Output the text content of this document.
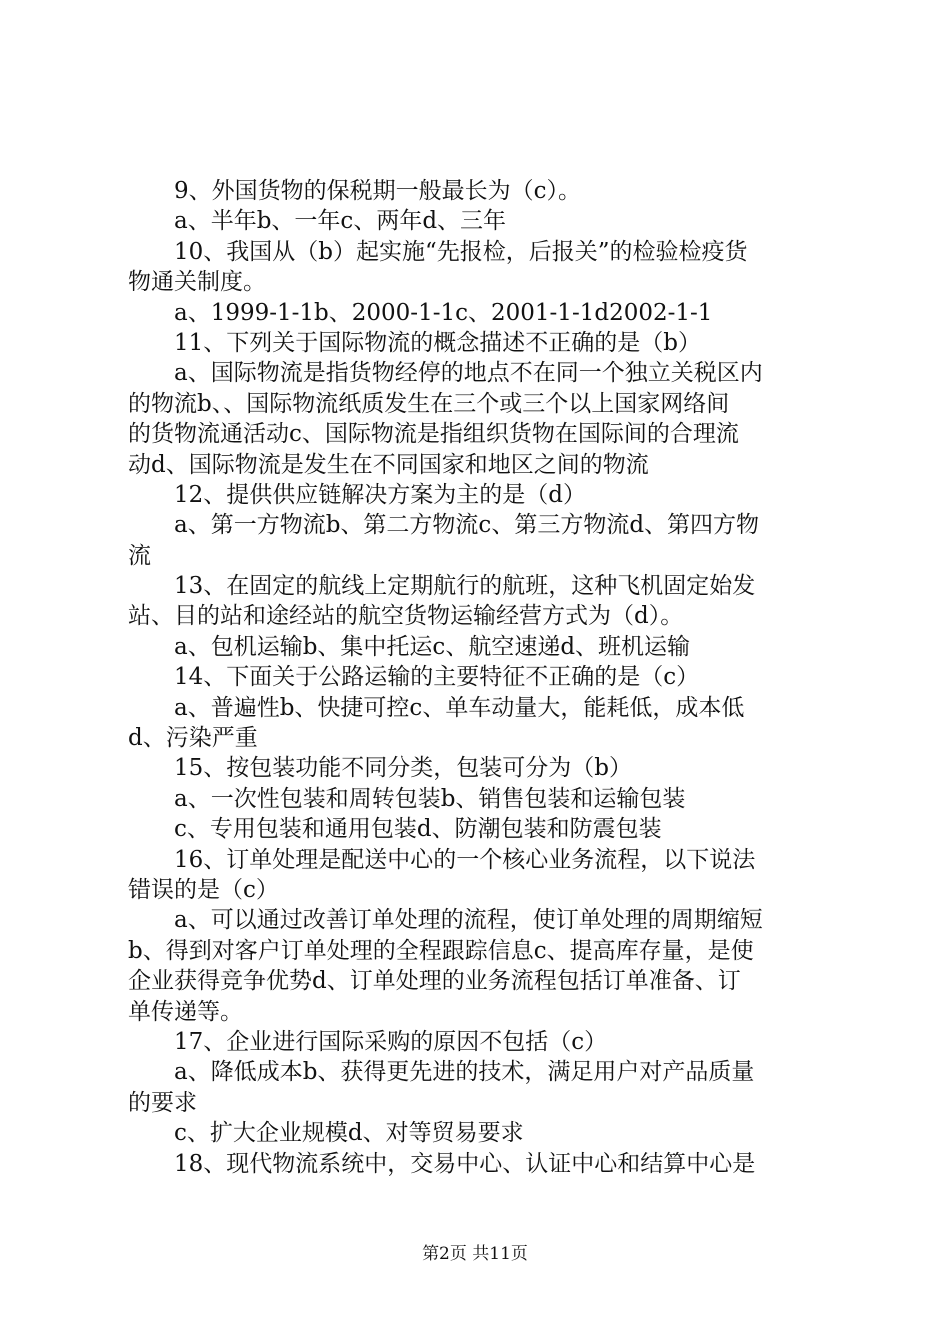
9、外国货物的保税期一般最长为（c）。
a、半年b、一年c、两年d、三年
10、我国从（b）起实施“先报检，后报关”的检验检疫货
物通关制度。
a、1999-1-1b、2000-1-1c、2001-1-1d2002-1-1
11、下列关于国际物流的概念描述不正确的是（b）
a、国际物流是指货物经停的地点不在同一个独立关税区内
的物流b、、国际物流纸质发生在三个或三个以上国家网络间
的货物流通活动c、国际物流是指组织货物在国际间的合理流
动d、国际物流是发生在不同国家和地区之间的物流
12、提供供应链解决方案为主的是（d）
a、第一方物流b、第二方物流c、第三方物流d、第四方物
流
13、在固定的航线上定期航行的航班，这种飞机固定始发
站、目的站和途经站的航空货物运输经营方式为（d）。
a、包机运输b、集中托运c、航空速递d、班机运输
14、下面关于公路运输的主要特征不正确的是（c）
a、普遍性b、快捷可控c、单车动量大，能耗低，成本低
d、污染严重
15、按包装功能不同分类，包装可分为（b）
a、一次性包装和周转包装b、销售包装和运输包装
c、专用包装和通用包装d、防潮包装和防震包装
16、订单处理是配送中心的一个核心业务流程，以下说法
错误的是（c）
a、可以通过改善订单处理的流程，使订单处理的周期缩短
b、得到对客户订单处理的全程跟踪信息c、提高库存量，是使
企业获得竞争优势d、订单处理的业务流程包括订单准备、订
单传递等。
17、企业进行国际采购的原因不包括（c）
a、降低成本b、获得更先进的技术，满足用户对产品质量
的要求
c、扩大企业规模d、对等贸易要求
18、现代物流系统中，交易中心、认证中心和结算中心是
第2页 共11页
